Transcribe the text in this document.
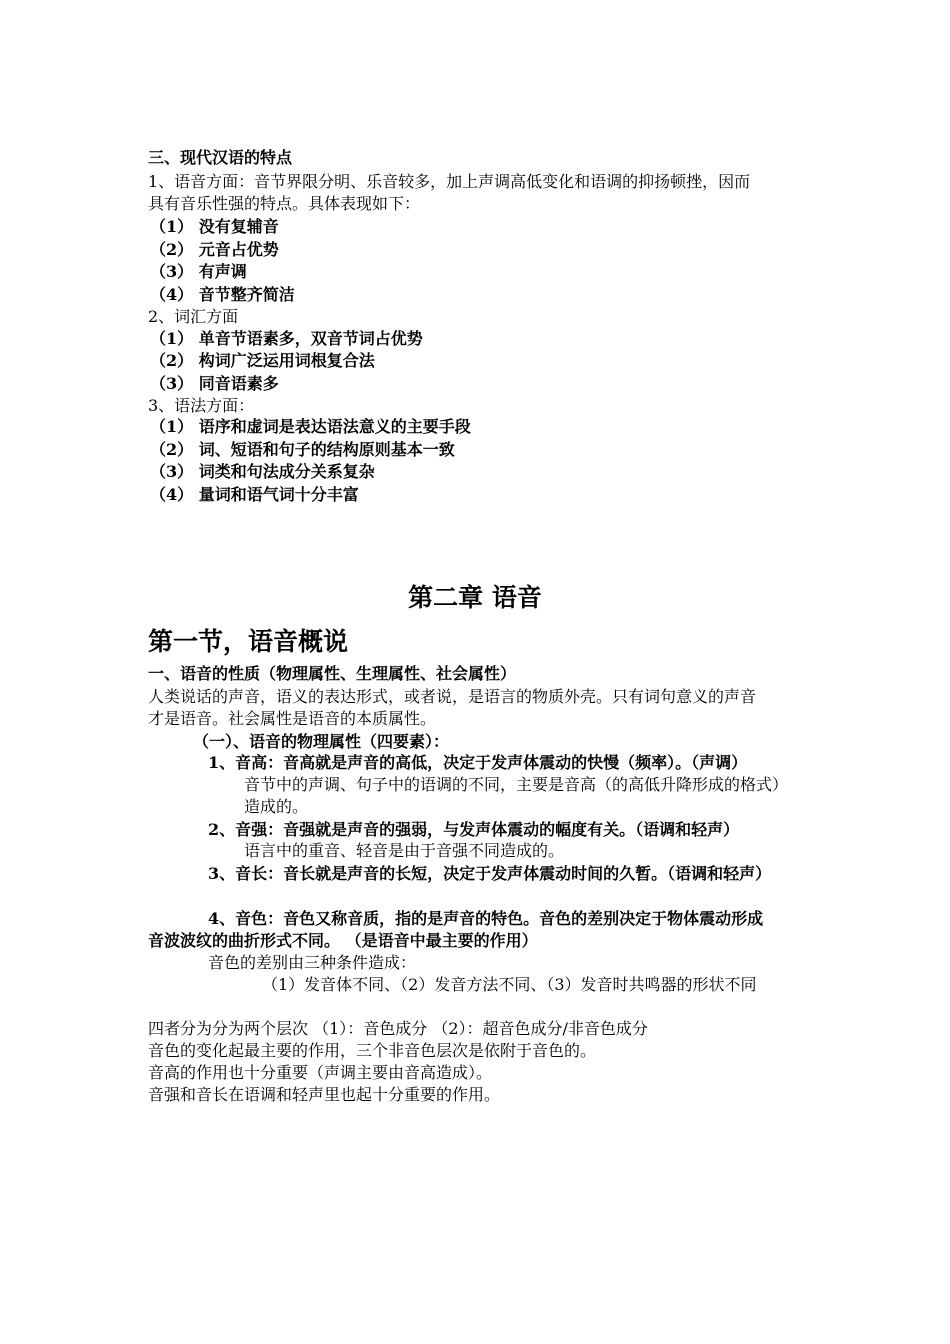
三、现代汉语的特点
1、语音方面：音节界限分明、乐音较多，加上声调高低变化和语调的抑扬顿挫，因而
具有音乐性强的特点。具体表现如下：
（1） 没有复辅音
（2） 元音占优势
（3） 有声调
（4） 音节整齐简洁
2、词汇方面
（1） 单音节语素多，双音节词占优势
（2） 构词广泛运用词根复合法
（3） 同音语素多
3、语法方面：
（1） 语序和虚词是表达语法意义的主要手段
（2） 词、短语和句子的结构原则基本一致
（3） 词类和句法成分关系复杂
（4） 量词和语气词十分丰富
第二章 语音
第一节，语音概说
一、语音的性质（物理属性、生理属性、社会属性）
人类说话的声音，语义的表达形式，或者说，是语言的物质外壳。只有词句意义的声音
才是语音。社会属性是语音的本质属性。
（一）、语音的物理属性（四要素）：
1、音高：音高就是声音的高低，决定于发声体震动的快慢（频率）。（声调）
音节中的声调、句子中的语调的不同，主要是音高（的高低升降形成的格式）
造成的。
2、音强：音强就是声音的强弱，与发声体震动的幅度有关。（语调和轻声）
语言中的重音、轻音是由于音强不同造成的。
3、音长：音长就是声音的长短，决定于发声体震动时间的久暂。（语调和轻声）
4、音色：音色又称音质，指的是声音的特色。音色的差别决定于物体震动形成
音波波纹的曲折形式不同。 （是语音中最主要的作用）
音色的差别由三种条件造成：
（1）发音体不同、（2）发音方法不同、（3）发音时共鸣器的形状不同
四者分为分为两个层次 （1）：音色成分 （2）：超音色成分/非音色成分
音色的变化起最主要的作用，三个非音色层次是依附于音色的。
音高的作用也十分重要（声调主要由音高造成）。
音强和音长在语调和轻声里也起十分重要的作用。
